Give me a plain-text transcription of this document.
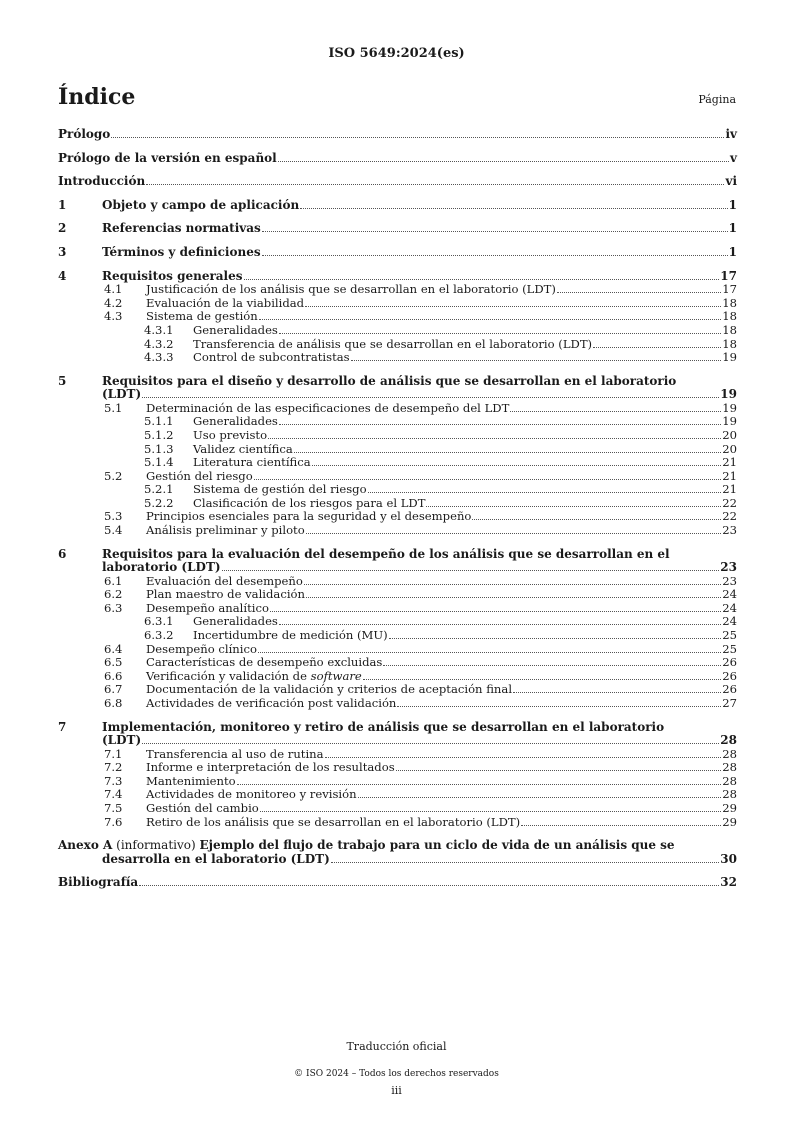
ISO 5649:2024(es)
Índice	Página
Prólogo	iv
Prólogo de la versión en español	v
Introducción	vi
1	Objeto y campo de aplicación	1
2	Referencias normativas	1
3	Términos y definiciones	1
4	Requisitos generales	17
4.1	Justificación de los análisis que se desarrollan en el laboratorio (LDT)	17
4.2	Evaluación de la viabilidad	18
4.3	Sistema de gestión	18
4.3.1	Generalidades	18
4.3.2	Transferencia de análisis que se desarrollan en el laboratorio (LDT)	18
4.3.3	Control de subcontratistas	19
5	Requisitos para el diseño y desarrollo de análisis que se desarrollan en el laboratorio
(LDT)	19
5.1	Determinación de las especificaciones de desempeño del LDT	19
5.1.1	Generalidades	19
5.1.2	Uso previsto	20
5.1.3	Validez científica	20
5.1.4	Literatura científica	21
5.2	Gestión del riesgo	21
5.2.1	Sistema de gestión del riesgo	21
5.2.2	Clasificación de los riesgos para el LDT	22
5.3	Principios esenciales para la seguridad y el desempeño	22
5.4	Análisis preliminar y piloto	23
6	Requisitos para la evaluación del desempeño de los análisis que se desarrollan en el
laboratorio (LDT)	23
6.1	Evaluación del desempeño	23
6.2	Plan maestro de validación	24
6.3	Desempeño analítico	24
6.3.1	Generalidades	24
6.3.2	Incertidumbre de medición (MU)	25
6.4	Desempeño clínico	25
6.5	Características de desempeño excluidas	26
6.6	Verificación y validación de software	26
6.7	Documentación de la validación y criterios de aceptación final	26
6.8	Actividades de verificación post validación	27
7	Implementación, monitoreo y retiro de análisis que se desarrollan en el laboratorio
(LDT)	28
7.1	Transferencia al uso de rutina	28
7.2	Informe e interpretación de los resultados	28
7.3	Mantenimiento	28
7.4	Actividades de monitoreo y revisión	28
7.5	Gestión del cambio	29
7.6	Retiro de los análisis que se desarrollan en el laboratorio (LDT)	29
Anexo A (informativo) Ejemplo del flujo de trabajo para un ciclo de vida de un análisis que se
desarrolla en el laboratorio (LDT)	30
Bibliografía	32
Traducción oficial
© ISO 2024 – Todos los derechos reservados
iii
